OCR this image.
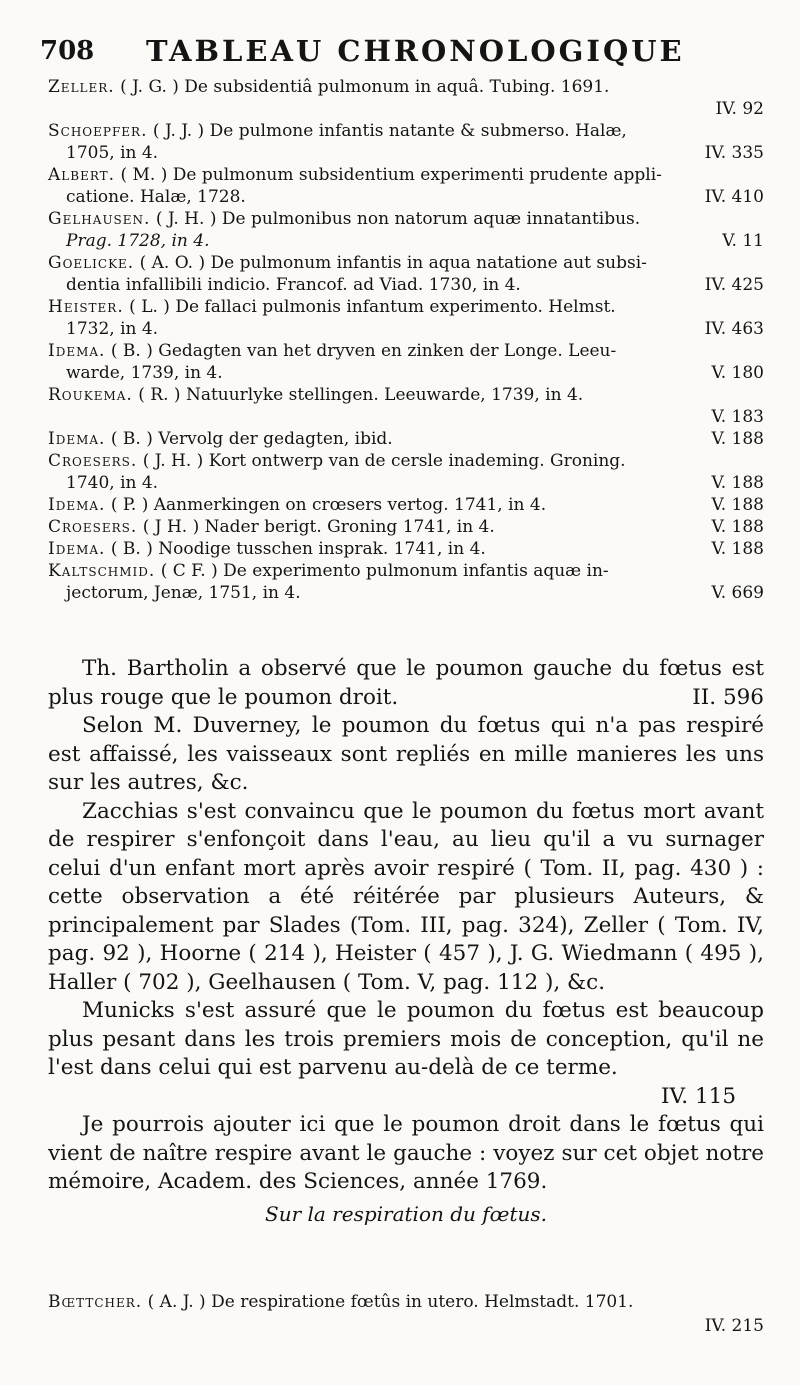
708 TABLEAU CHRONOLOGIQUE
Zeller. ( J. G. ) De subsidentiâ pulmonum in aquâ. Tubing. 1691.
IV. 92
Schoepfer. ( J. J. ) De pulmone infantis natante & submerso. Halæ,
1705, in 4.	IV. 335
Albert. ( M. ) De pulmonum subsidentium experimenti prudente appli-
catione. Halæ, 1728.	IV. 410
Gelhausen. ( J. H. ) De pulmonibus non natorum aquæ innatantibus.
Prag. 1728, in 4.	V. 11
Goelicke. ( A. O. ) De pulmonum infantis in aqua natatione aut subsi-
dentia infallibili indicio. Francof. ad Viad. 1730, in 4.	IV. 425
Heister. ( L. ) De fallaci pulmonis infantum experimento. Helmst.
1732, in 4.	IV. 463
Idema. ( B. ) Gedagten van het dryven en zinken der Longe. Leeu-
warde, 1739, in 4.	V. 180
Roukema. ( R. ) Natuurlyke stellingen. Leeuwarde, 1739, in 4.
V. 183
Idema. ( B. ) Vervolg der gedagten, ibid.	V. 188
Croesers. ( J. H. ) Kort ontwerp van de cersle inademing. Groning.
1740, in 4.	V. 188
Idema. ( P. ) Aanmerkingen on crœsers vertog. 1741, in 4.	V. 188
Croesers. ( J H. ) Nader berigt. Groning 1741, in 4.	V. 188
Idema. ( B. ) Noodige tusschen insprak. 1741, in 4.	V. 188
Kaltschmid. ( C F. ) De experimento pulmonum infantis aquæ in-
jectorum, Jenæ, 1751, in 4.	V. 669

Th. Bartholin a observé que le poumon gauche du fœtus est plus rouge que le poumon droit.	II. 596

Selon M. Duverney, le poumon du fœtus qui n'a pas respiré est affaissé, les vaisseaux sont repliés en mille manieres les uns sur les autres, &c.

Zacchias s'est convaincu que le poumon du fœtus mort avant de respirer s'enfonçoit dans l'eau, au lieu qu'il a vu surnager celui d'un enfant mort après avoir respiré ( Tom. II, pag. 430 ) : cette observation a été réitérée par plusieurs Auteurs, & principalement par Slades (Tom. III, pag. 324), Zeller ( Tom. IV, pag. 92 ), Hoorne ( 214 ), Heister ( 457 ), J. G. Wiedmann ( 495 ), Haller ( 702 ), Geelhausen ( Tom. V, pag. 112 ), &c.

Municks s'est assuré que le poumon du fœtus est beaucoup plus pesant dans les trois premiers mois de conception, qu'il ne l'est dans celui qui est parvenu au-delà de ce terme.

IV. 115

Je pourrois ajouter ici que le poumon droit dans le fœtus qui vient de naître respire avant le gauche : voyez sur cet objet notre mémoire, Academ. des Sciences, année 1769.

Sur la respiration du fœtus.
Bœttcher. ( A. J. ) De respiratione fœtûs in utero. Helmstadt. 1701.
IV. 215
